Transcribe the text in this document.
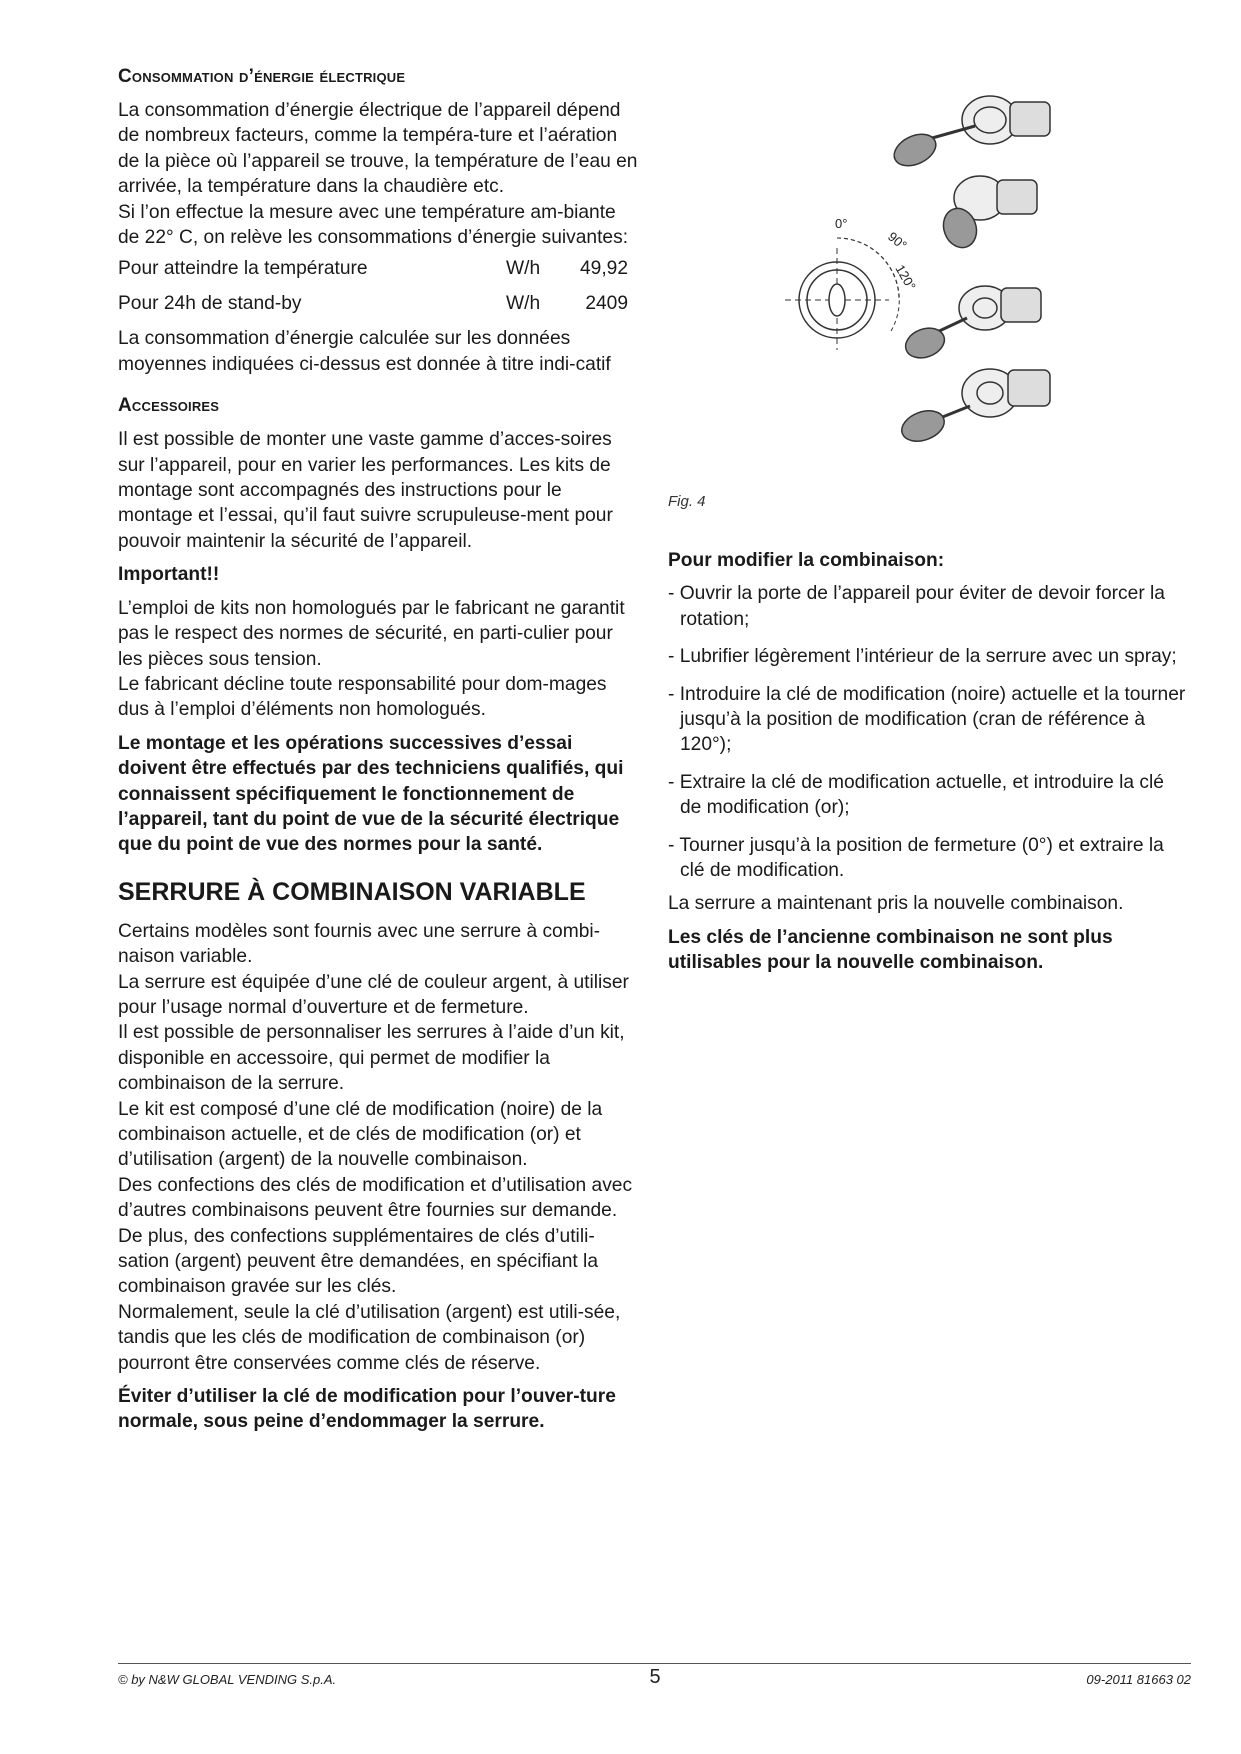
Consommation d’énergie électrique

La consommation d’énergie électrique de l’appareil dépend de nombreux facteurs, comme la tempéra-ture et l’aération de la pièce où l’appareil se trouve, la température de l’eau en arrivée, la température dans la chaudière etc.

Si l’on effectue la mesure avec une température am-biante de 22° C, on relève les consommations d’énergie suivantes:

Pour atteindre la température	W/h	49,92
Pour 24h de stand-by	W/h	2409

La consommation d’énergie calculée sur les données moyennes indiquées ci-dessus est donnée à titre indi-catif

Accessoires

Il est possible de monter une vaste gamme d’acces-soires sur l’appareil, pour en varier les performances. Les kits de montage sont accompagnés des instructions pour le montage et l’essai, qu’il faut suivre scrupuleuse-ment pour pouvoir maintenir la sécurité de l’appareil.

Important!!

L’emploi de kits non homologués par le fabricant ne garantit pas le respect des normes de sécurité, en parti-culier pour les pièces sous tension.

Le fabricant décline toute responsabilité pour dom-mages dus à l’emploi d’éléments non homologués.

Le montage et les opérations successives d’essai doivent être effectués par des techniciens qualifiés, qui connaissent spécifiquement le fonctionnement de l’appareil, tant du point de vue de la sécurité électrique que du point de vue des normes pour la santé.

SERRURE À COMBINAISON VARIABLE

Certains modèles sont fournis avec une serrure à combi-naison variable.

La serrure est équipée d’une clé de couleur argent, à utiliser pour l’usage normal d’ouverture et de fermeture.

Il est possible de personnaliser les serrures à l’aide d’un kit, disponible en accessoire, qui permet de modifier la combinaison de la serrure.

Le kit est composé d’une clé de modification (noire) de la combinaison actuelle, et de clés de modification (or) et d’utilisation (argent) de la nouvelle combinaison.

Des confections des clés de modification et d’utilisation avec d’autres combinaisons peuvent être fournies sur demande.

De plus, des confections supplémentaires de clés d’utili-sation (argent) peuvent être demandées, en spécifiant la combinaison gravée sur les clés.

Normalement, seule la clé d’utilisation (argent) est utili-sée, tandis que les clés de modification de combinaison (or) pourront être conservées comme clés de réserve.

Éviter d’utiliser la clé de modification pour l’ouver-ture normale, sous peine d’endommager la serrure.

0°
90°
120°
Fig. 4

Pour modifier la combinaison:

- Ouvrir la porte de l’appareil pour éviter de devoir forcer la rotation;
- Lubrifier légèrement l’intérieur de la serrure avec un spray;
- Introduire la clé de modification (noire) actuelle et la tourner jusqu’à la position de modification (cran de référence à 120°);
- Extraire la clé de modification actuelle, et introduire la clé de modification (or);
- Tourner jusqu’à la position de fermeture (0°) et extraire la clé de modification.

La serrure a maintenant pris la nouvelle combinaison.

Les clés de l’ancienne combinaison ne sont plus utilisables pour la nouvelle combinaison.

© by N&W GLOBAL VENDING S.p.A.	5	09-2011 81663 02
